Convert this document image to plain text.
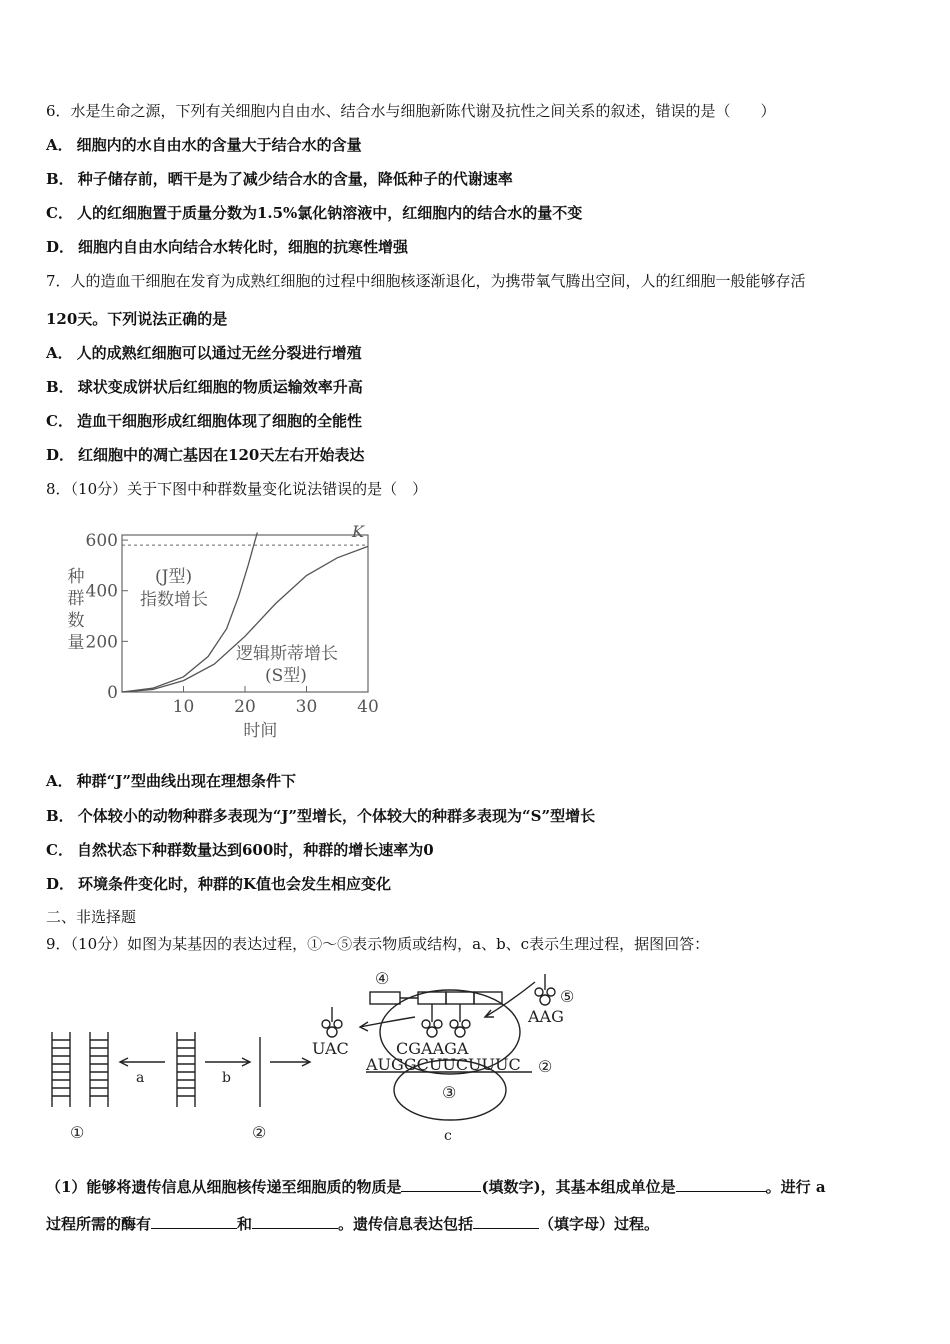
6．水是生命之源，下列有关细胞内自由水、结合水与细胞新陈代谢及抗性之间关系的叙述，错误的是（　　）
A． 细胞内的水自由水的含量大于结合水的含量
B． 种子储存前，晒干是为了减少结合水的含量，降低种子的代谢速率
C． 人的红细胞置于质量分数为1.5%氯化钠溶液中，红细胞内的结合水的量不变
D． 细胞内自由水向结合水转化时，细胞的抗寒性增强
7．人的造血干细胞在发育为成熟红细胞的过程中细胞核逐渐退化，为携带氧气腾出空间，人的红细胞一般能够存活
120天。下列说法正确的是
A． 人的成熟红细胞可以通过无丝分裂进行增殖
B． 球状变成饼状后红细胞的物质运输效率升高
C． 造血干细胞形成红细胞体现了细胞的全能性
D． 红细胞中的凋亡基因在120天左右开始表达
8．（10分）关于下图中种群数量变化说法错误的是（　）
K
0
200
400
600
10 20 30 40
种
群
数
量
时间
(J型)
指数增长
逻辑斯蒂增长
(S型)
A． 种群“J”型曲线出现在理想条件下
B． 个体较小的动物种群多表现为“J”型增长，个体较大的种群多表现为“S”型增长
C． 自然状态下种群数量达到600时，种群的增长速率为0
D． 环境条件变化时，种群的K值也会发生相应变化
二、非选择题
9．（10分）如图为某基因的表达过程，①～⑤表示物质或结构，a、b、c表示生理过程，据图回答：
①
a	b
②
UAC
④
⑤
AAG
CGAAGA
AUGGCUUCUUUC ②
③
c
（1）能够将遗传信息从细胞核传递至细胞质的物质是	(填数字)，其基本组成单位是	。进行 a
过程所需的酶有	和	。遗传信息表达包括	（填字母）过程。
